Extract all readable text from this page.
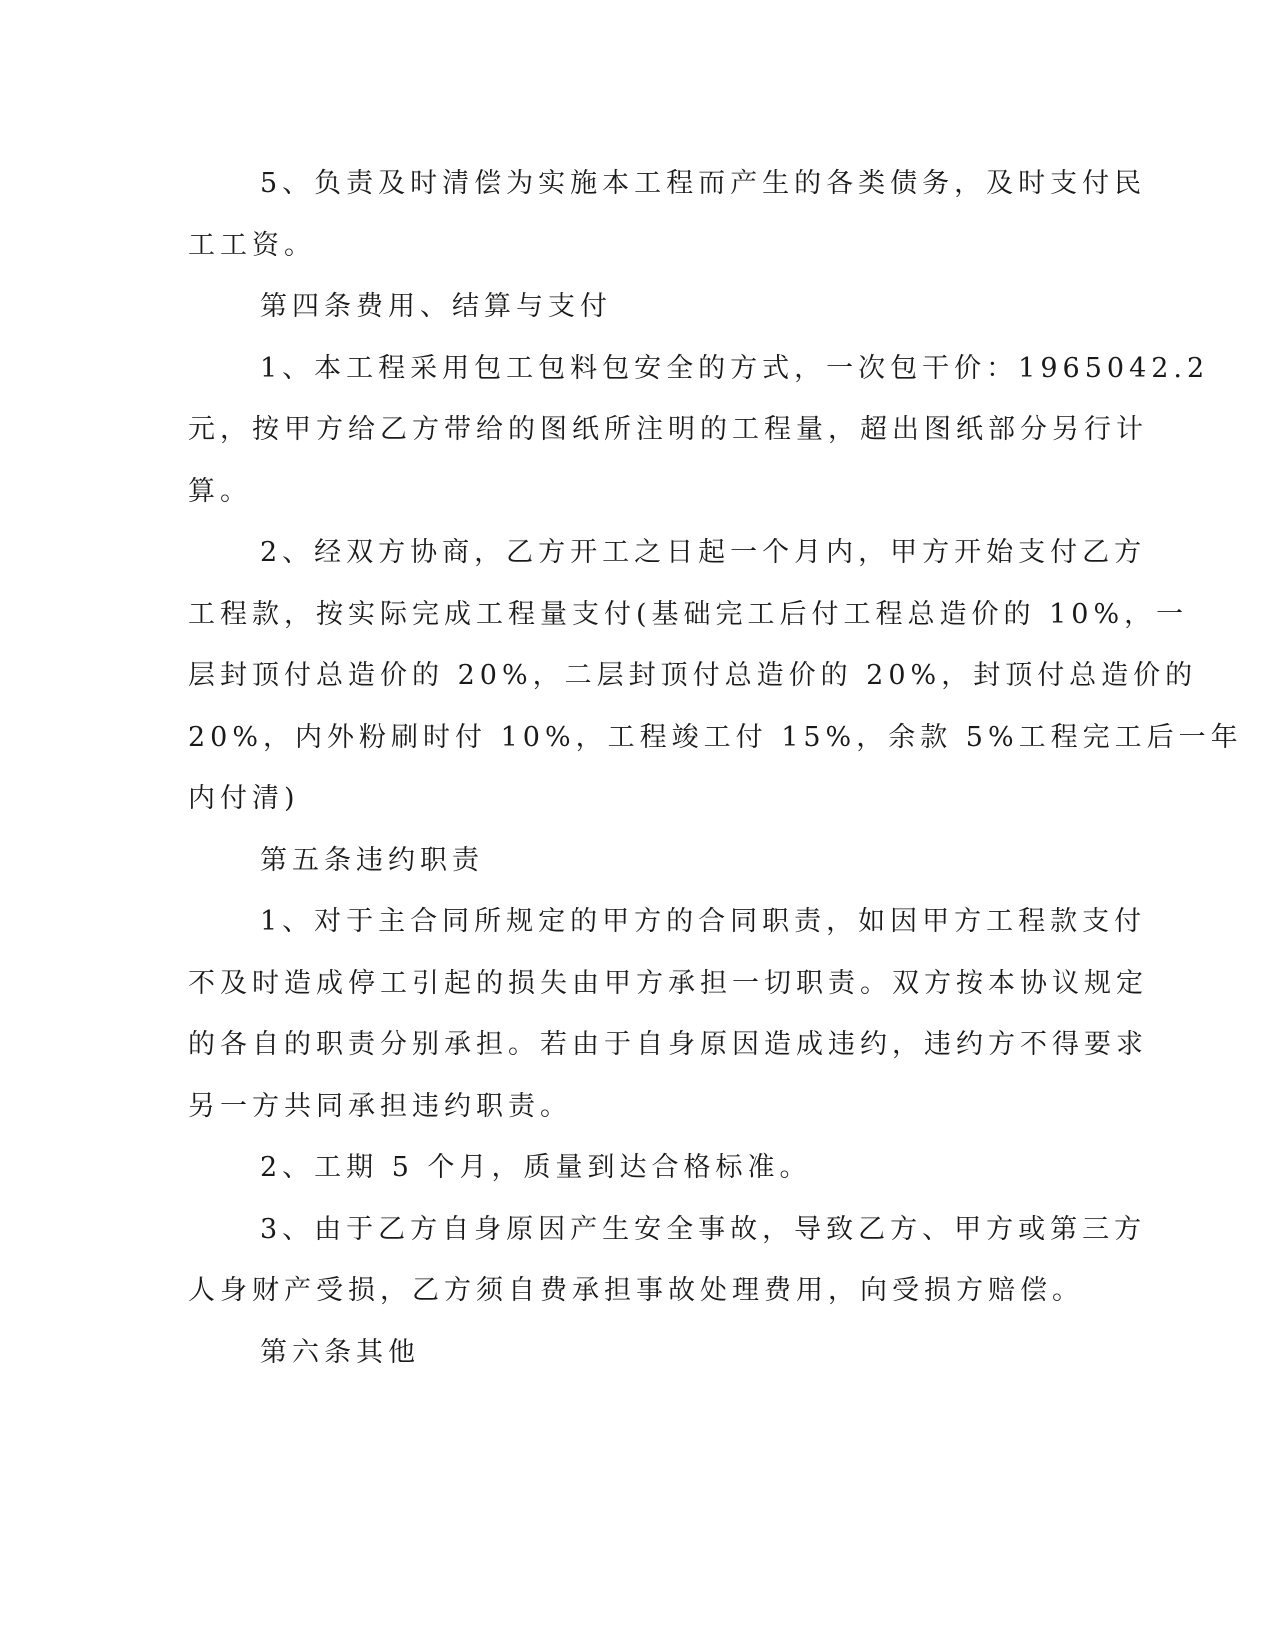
5、负责及时清偿为实施本工程而产生的各类债务，及时支付民
工工资。

第四条费用、结算与支付

1、本工程采用包工包料包安全的方式，一次包干价：1965042.2
元，按甲方给乙方带给的图纸所注明的工程量，超出图纸部分另行计
算。

2、经双方协商，乙方开工之日起一个月内，甲方开始支付乙方
工程款，按实际完成工程量支付(基础完工后付工程总造价的 10%，一
层封顶付总造价的 20%，二层封顶付总造价的 20%，封顶付总造价的
20%，内外粉刷时付 10%，工程竣工付 15%，余款 5%工程完工后一年
内付清)

第五条违约职责

1、对于主合同所规定的甲方的合同职责，如因甲方工程款支付
不及时造成停工引起的损失由甲方承担一切职责。双方按本协议规定
的各自的职责分别承担。若由于自身原因造成违约，违约方不得要求
另一方共同承担违约职责。

2、工期 5 个月，质量到达合格标准。

3、由于乙方自身原因产生安全事故，导致乙方、甲方或第三方
人身财产受损，乙方须自费承担事故处理费用，向受损方赔偿。

第六条其他
